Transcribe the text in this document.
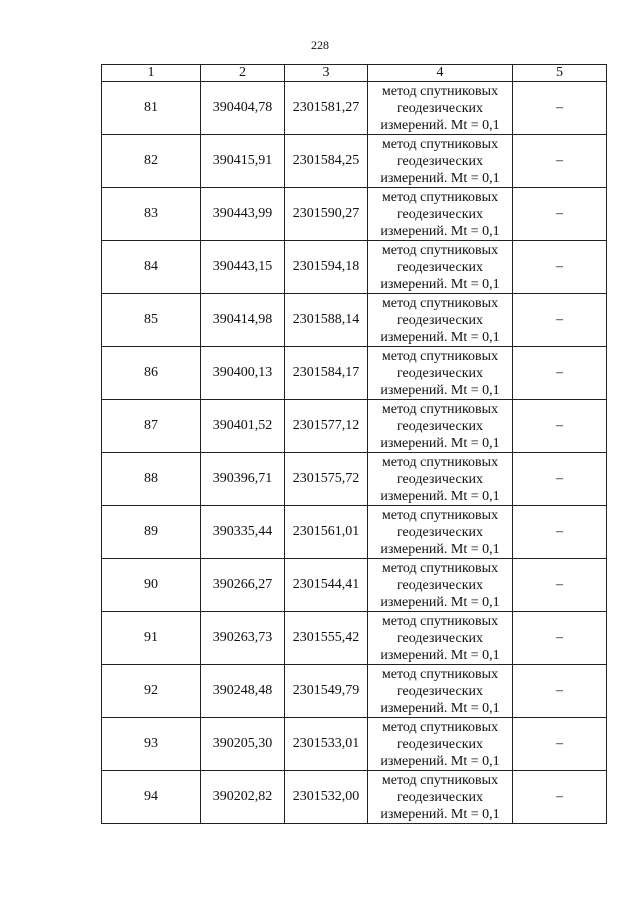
228
1	2	3	4	5
81	390404,78	2301581,27	метод спутниковых
геодезических
измерений. Mt = 0,1	–
82	390415,91	2301584,25	метод спутниковых
геодезических
измерений. Mt = 0,1	–
83	390443,99	2301590,27	метод спутниковых
геодезических
измерений. Mt = 0,1	–
84	390443,15	2301594,18	метод спутниковых
геодезических
измерений. Mt = 0,1	–
85	390414,98	2301588,14	метод спутниковых
геодезических
измерений. Mt = 0,1	–
86	390400,13	2301584,17	метод спутниковых
геодезических
измерений. Mt = 0,1	–
87	390401,52	2301577,12	метод спутниковых
геодезических
измерений. Mt = 0,1	–
88	390396,71	2301575,72	метод спутниковых
геодезических
измерений. Mt = 0,1	–
89	390335,44	2301561,01	метод спутниковых
геодезических
измерений. Mt = 0,1	–
90	390266,27	2301544,41	метод спутниковых
геодезических
измерений. Mt = 0,1	–
91	390263,73	2301555,42	метод спутниковых
геодезических
измерений. Mt = 0,1	–
92	390248,48	2301549,79	метод спутниковых
геодезических
измерений. Mt = 0,1	–
93	390205,30	2301533,01	метод спутниковых
геодезических
измерений. Mt = 0,1	–
94	390202,82	2301532,00	метод спутниковых
геодезических
измерений. Mt = 0,1	–
